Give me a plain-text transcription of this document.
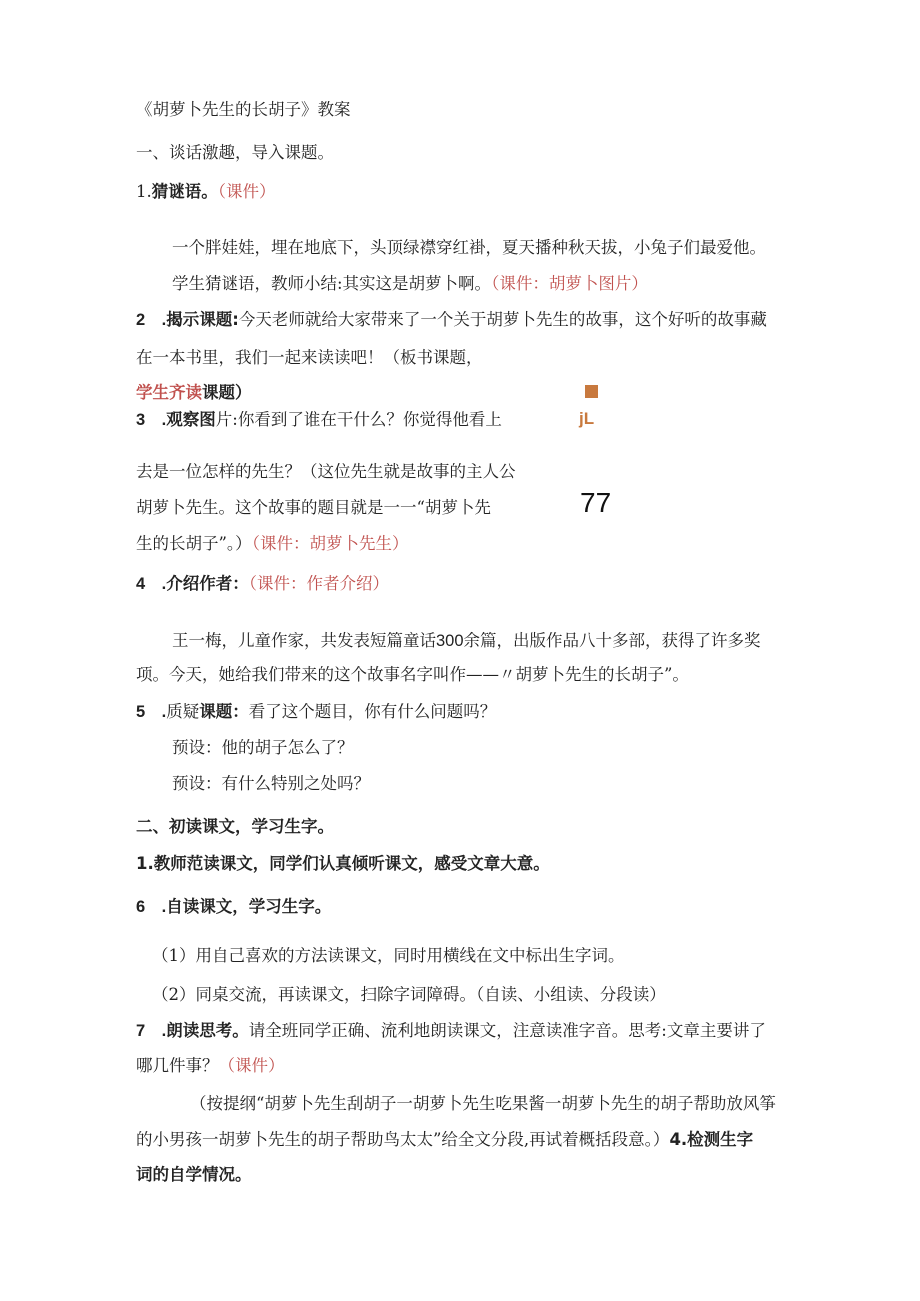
《胡萝卜先生的长胡子》教案
一、谈话激趣，导入课题。
1.猜谜语。（课件）
一个胖娃娃，埋在地底下，头顶绿襟穿红褂，夏天播种秋天拔，小兔子们最爱他。
学生猜谜语，教师小结:其实这是胡萝卜啊。（课件：胡萝卜图片）
2　.揭示课题:今天老师就给大家带来了一个关于胡萝卜先生的故事，这个好听的故事藏
在一本书里，我们一起来读读吧！（板书课题，
学生齐读课题）
3　.观察图片:你看到了谁在干什么？你觉得他看上	jL
去是一位怎样的先生？（这位先生就是故事的主人公
胡萝卜先生。这个故事的题目就是一一“胡萝卜先	77
生的长胡子”。）（课件：胡萝卜先生）
4　.介绍作者：（课件：作者介绍）
王一梅，儿童作家，共发表短篇童话300余篇，出版作品八十多部，获得了许多奖
项。今天，她给我们带来的这个故事名字叫作——〃胡萝卜先生的长胡子”。
5　.质疑课题：看了这个题目，你有什么问题吗？
预设：他的胡子怎么了？
预设：有什么特别之处吗？
二、初读课文，学习生字。
1.教师范读课文，同学们认真倾听课文，感受文章大意。
6　.自读课文，学习生字。
（1）用自己喜欢的方法读课文，同时用横线在文中标出生字词。
（2）同桌交流，再读课文，扫除字词障碍。（自读、小组读、分段读）
7　.朗读思考。请全班同学正确、流利地朗读课文，注意读准字音。思考:文章主要讲了
哪几件事？（课件）
（按提纲“胡萝卜先生刮胡子一胡萝卜先生吃果酱一胡萝卜先生的胡子帮助放风筝
的小男孩一胡萝卜先生的胡子帮助鸟太太”给全文分段,再试着概括段意。）4.检测生字
词的自学情况。
